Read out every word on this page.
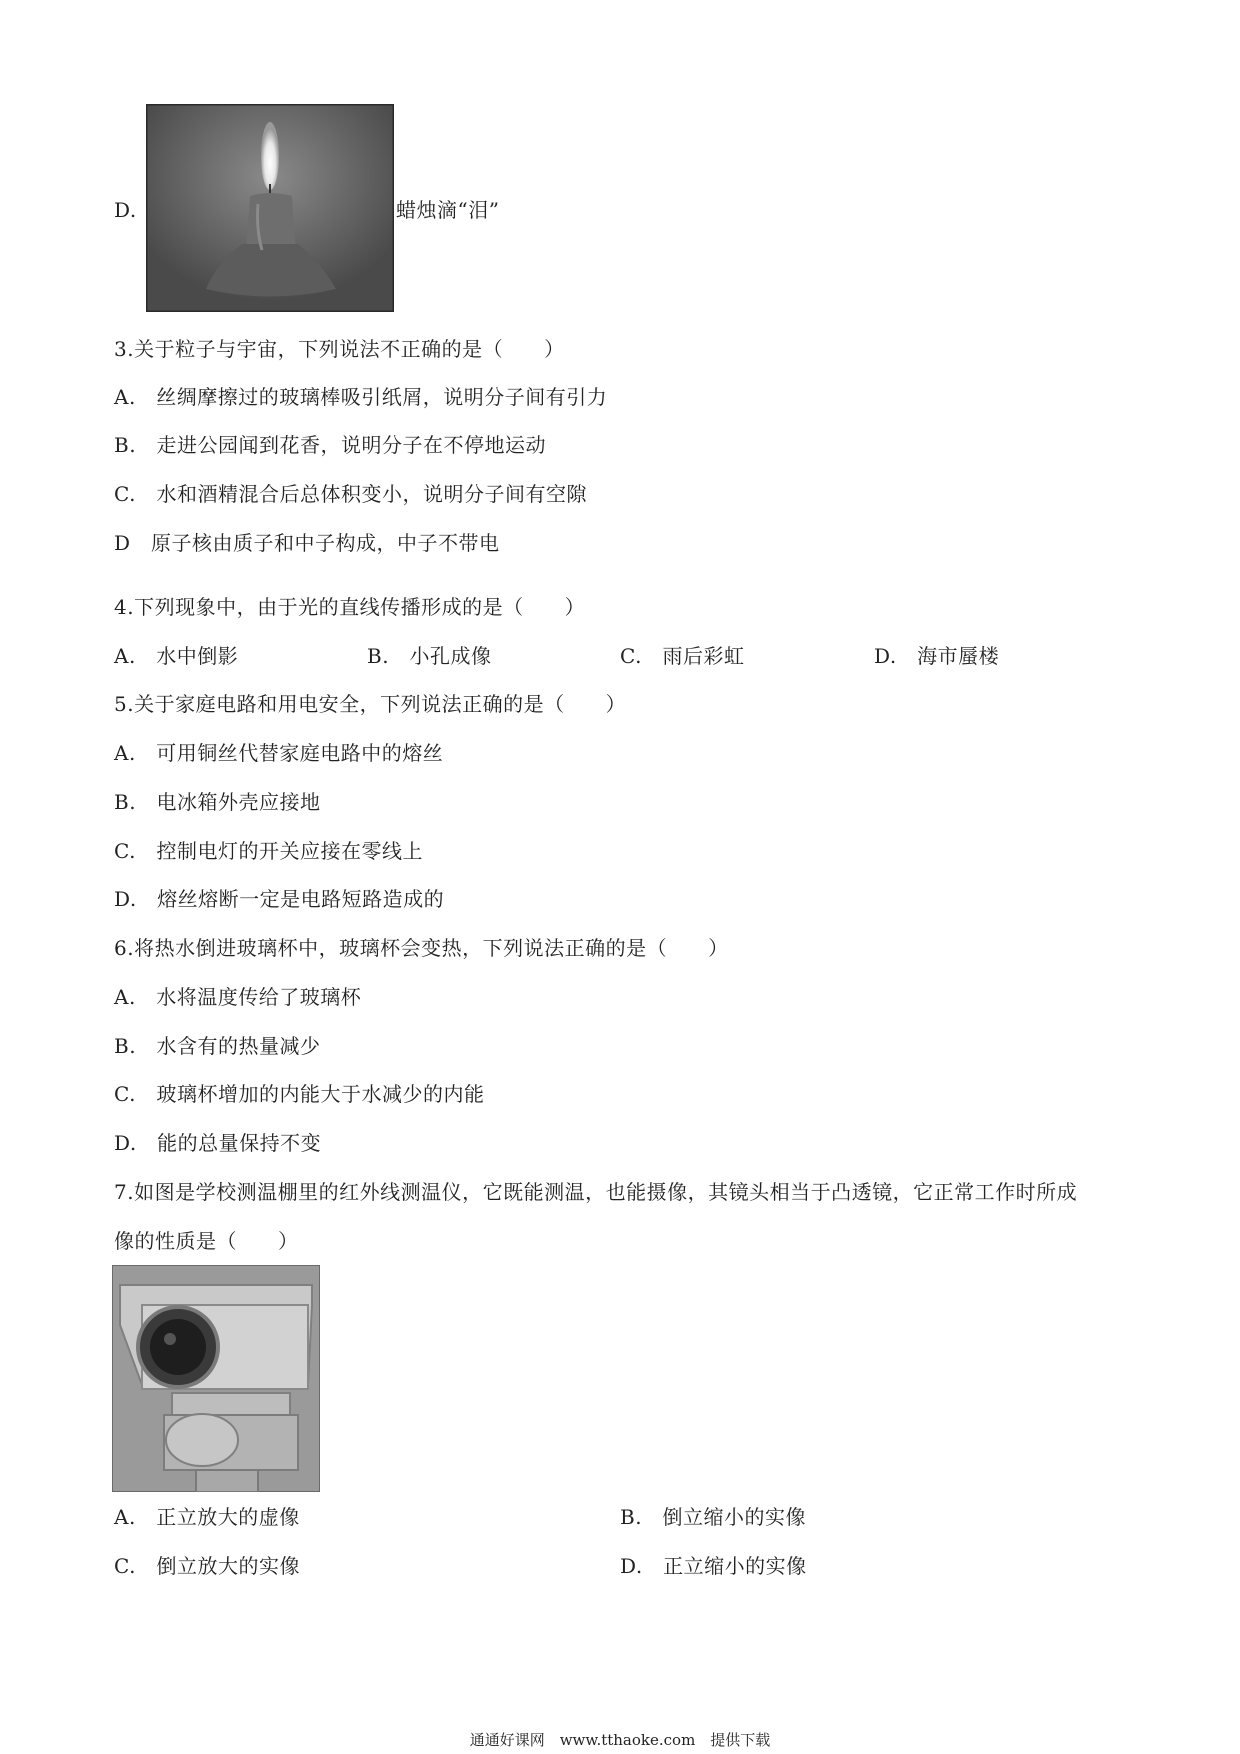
D.	蜡烛滴“泪”
3.关于粒子与宇宙，下列说法不正确的是（　　）
A.　丝绸摩擦过的玻璃棒吸引纸屑，说明分子间有引力
B.　走进公园闻到花香，说明分子在不停地运动
C.　水和酒精混合后总体积变小，说明分子间有空隙
D　原子核由质子和中子构成，中子不带电
4.下列现象中，由于光的直线传播形成的是（　　）
A.　水中倒影	B.　小孔成像	C.　雨后彩虹	D.　海市蜃楼
5.关于家庭电路和用电安全，下列说法正确的是（　　）
A.　可用铜丝代替家庭电路中的熔丝
B.　电冰箱外壳应接地
C.　控制电灯的开关应接在零线上
D.　熔丝熔断一定是电路短路造成的
6.将热水倒进玻璃杯中，玻璃杯会变热，下列说法正确的是（　　）
A.　水将温度传给了玻璃杯
B.　水含有的热量减少
C.　玻璃杯增加的内能大于水减少的内能
D.　能的总量保持不变
7.如图是学校测温棚里的红外线测温仪，它既能测温，也能摄像，其镜头相当于凸透镜，它正常工作时所成
像的性质是（　　）
A.　正立放大的虚像	B.　倒立缩小的实像
C.　倒立放大的实像	D.　正立缩小的实像
通通好课网　www.tthaoke.com　提供下载
